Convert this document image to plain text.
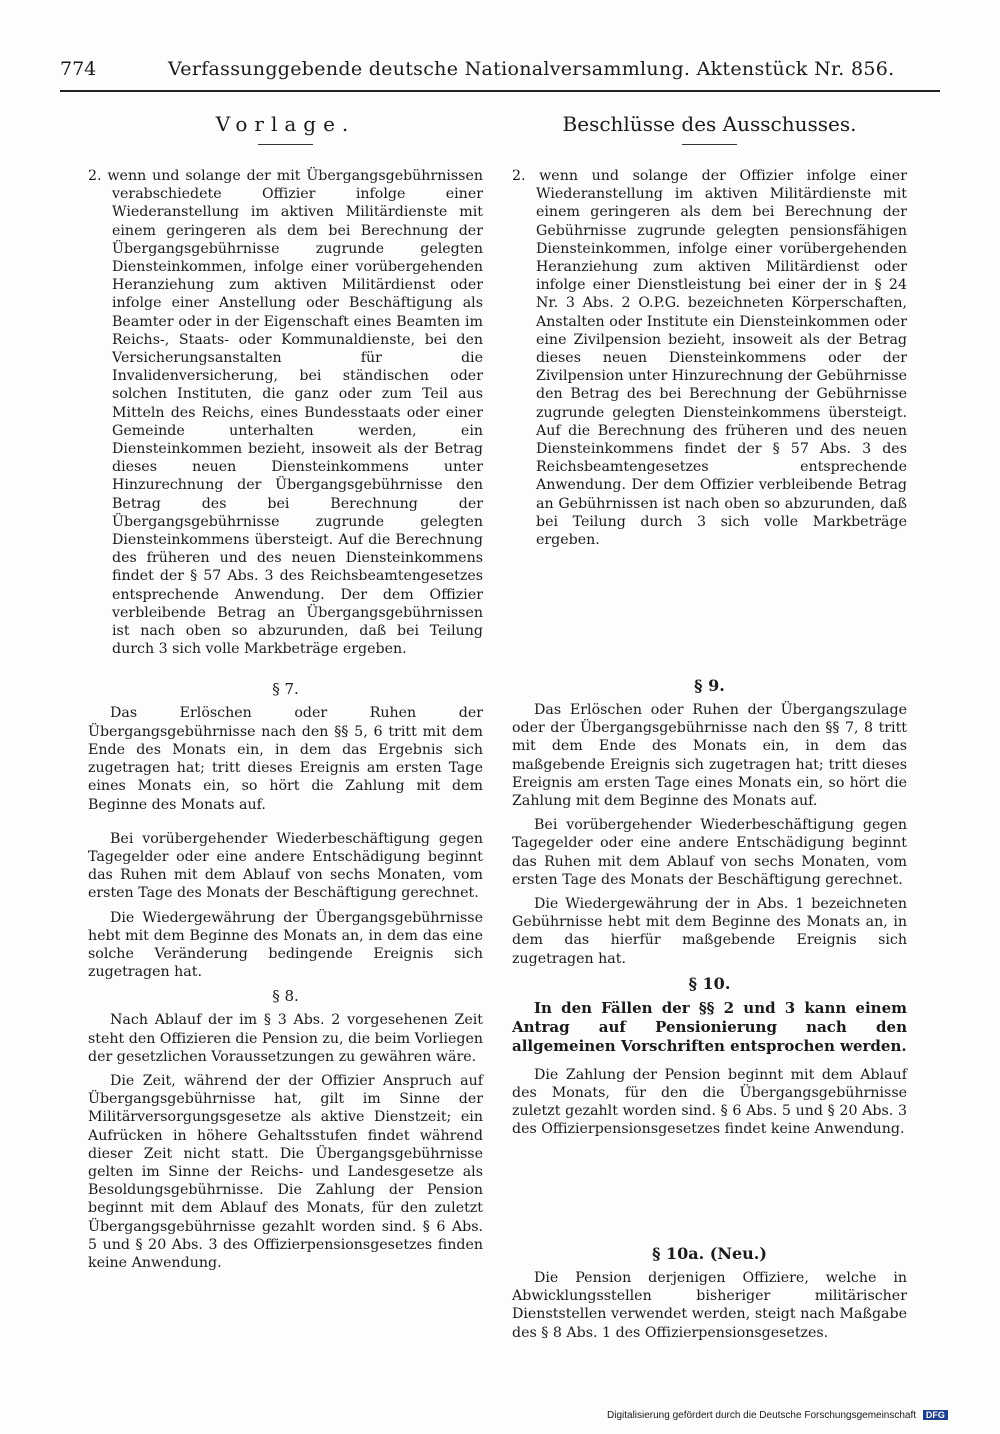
774	Verfassunggebende deutsche Nationalversammlung. Aktenstück Nr. 856.

Vorlage.

2. wenn und solange der mit Übergangsgebührnissen verabschiedete Offizier infolge einer Wiederanstellung im aktiven Militärdienste mit einem geringeren als dem bei Berechnung der Übergangsgebührnisse zugrunde gelegten Diensteinkommen, infolge einer vorübergehenden Heranziehung zum aktiven Militärdienst oder infolge einer Anstellung oder Beschäftigung als Beamter oder in der Eigenschaft eines Beamten im Reichs-, Staats- oder Kommunaldienste, bei den Versicherungsanstalten für die Invalidenversicherung, bei ständischen oder solchen Instituten, die ganz oder zum Teil aus Mitteln des Reichs, eines Bundesstaats oder einer Gemeinde unterhalten werden, ein Diensteinkommen bezieht, insoweit als der Betrag dieses neuen Diensteinkommens unter Hinzurechnung der Übergangsgebührnisse den Betrag des bei Berechnung der Übergangsgebührnisse zugrunde gelegten Diensteinkommens übersteigt. Auf die Berechnung des früheren und des neuen Diensteinkommens findet der § 57 Abs. 3 des Reichsbeamtengesetzes entsprechende Anwendung. Der dem Offizier verbleibende Betrag an Übergangsgebührnissen ist nach oben so abzurunden, daß bei Teilung durch 3 sich volle Markbeträge ergeben.

§ 7.

Das Erlöschen oder Ruhen der Übergangsgebührnisse nach den §§ 5, 6 tritt mit dem Ende des Monats ein, in dem das Ergebnis sich zugetragen hat; tritt dieses Ereignis am ersten Tage eines Monats ein, so hört die Zahlung mit dem Beginne des Monats auf.

Bei vorübergehender Wiederbeschäftigung gegen Tagegelder oder eine andere Entschädigung beginnt das Ruhen mit dem Ablauf von sechs Monaten, vom ersten Tage des Monats der Beschäftigung gerechnet.

Die Wiedergewährung der Übergangsgebührnisse hebt mit dem Beginne des Monats an, in dem das eine solche Veränderung bedingende Ereignis sich zugetragen hat.

§ 8.

Nach Ablauf der im § 3 Abs. 2 vorgesehenen Zeit steht den Offizieren die Pension zu, die beim Vorliegen der gesetzlichen Voraussetzungen zu gewähren wäre.

Die Zeit, während der der Offizier Anspruch auf Übergangsgebührnisse hat, gilt im Sinne der Militärversorgungsgesetze als aktive Dienstzeit; ein Aufrücken in höhere Gehaltsstufen findet während dieser Zeit nicht statt. Die Übergangsgebührnisse gelten im Sinne der Reichs- und Landesgesetze als Besoldungsgebührnisse. Die Zahlung der Pension beginnt mit dem Ablauf des Monats, für den zuletzt Übergangsgebührnisse gezahlt worden sind. § 6 Abs. 5 und § 20 Abs. 3 des Offizierpensionsgesetzes finden keine Anwendung.

Beschlüsse des Ausschusses.

2. wenn und solange der Offizier infolge einer Wiederanstellung im aktiven Militärdienste mit einem geringeren als dem bei Berechnung der Gebührnisse zugrunde gelegten pensionsfähigen Diensteinkommen, infolge einer vorübergehenden Heranziehung zum aktiven Militärdienst oder infolge einer Dienstleistung bei einer der in § 24 Nr. 3 Abs. 2 O.P.G. bezeichneten Körperschaften, Anstalten oder Institute ein Diensteinkommen oder eine Zivilpension bezieht, insoweit als der Betrag dieses neuen Diensteinkommens oder der Zivilpension unter Hinzurechnung der Gebührnisse den Betrag des bei Berechnung der Gebührnisse zugrunde gelegten Diensteinkommens übersteigt. Auf die Berechnung des früheren und des neuen Diensteinkommens findet der § 57 Abs. 3 des Reichsbeamtengesetzes entsprechende Anwendung. Der dem Offizier verbleibende Betrag an Gebührnissen ist nach oben so abzurunden, daß bei Teilung durch 3 sich volle Markbeträge ergeben.

§ 9.

Das Erlöschen oder Ruhen der Übergangszulage oder der Übergangsgebührnisse nach den §§ 7, 8 tritt mit dem Ende des Monats ein, in dem das maßgebende Ereignis sich zugetragen hat; tritt dieses Ereignis am ersten Tage eines Monats ein, so hört die Zahlung mit dem Beginne des Monats auf.

Bei vorübergehender Wiederbeschäftigung gegen Tagegelder oder eine andere Entschädigung beginnt das Ruhen mit dem Ablauf von sechs Monaten, vom ersten Tage des Monats der Beschäftigung gerechnet.

Die Wiedergewährung der in Abs. 1 bezeichneten Gebührnisse hebt mit dem Beginne des Monats an, in dem das hierfür maßgebende Ereignis sich zugetragen hat.

§ 10.

In den Fällen der §§ 2 und 3 kann einem Antrag auf Pensionierung nach den allgemeinen Vorschriften entsprochen werden.

Die Zahlung der Pension beginnt mit dem Ablauf des Monats, für den die Übergangsgebührnisse zuletzt gezahlt worden sind. § 6 Abs. 5 und § 20 Abs. 3 des Offizierpensionsgesetzes findet keine Anwendung.

§ 10a. (Neu.)

Die Pension derjenigen Offiziere, welche in Abwicklungsstellen bisheriger militärischer Dienststellen verwendet werden, steigt nach Maßgabe des § 8 Abs. 1 des Offizierpensionsgesetzes.

Digitalisierung gefördert durch die Deutsche Forschungsgemeinschaft DFG
